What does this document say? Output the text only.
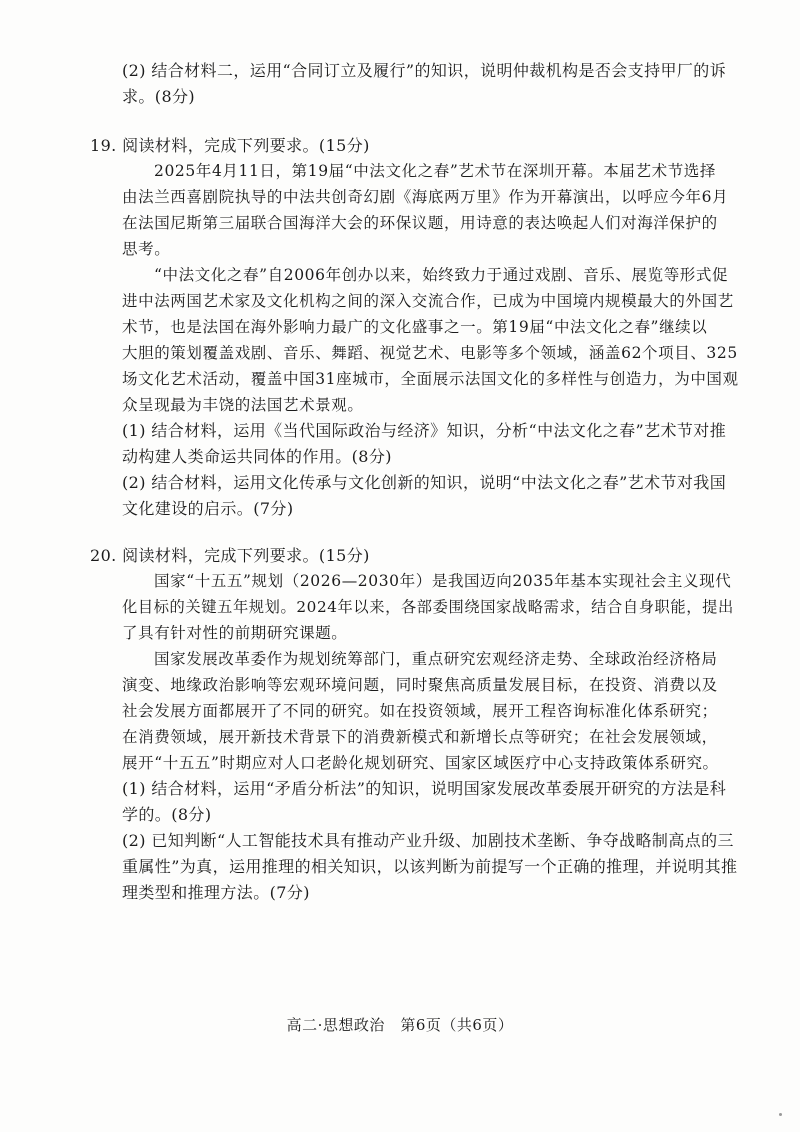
(2) 结合材料二，运用“合同订立及履行”的知识，说明仲裁机构是否会支持甲厂的诉
求。(8分)
19. 阅读材料，完成下列要求。(15分)
2025年4月11日，第19届“中法文化之春”艺术节在深圳开幕。本届艺术节选择
由法兰西喜剧院执导的中法共创奇幻剧《海底两万里》作为开幕演出，以呼应今年6月
在法国尼斯第三届联合国海洋大会的环保议题，用诗意的表达唤起人们对海洋保护的
思考。
“中法文化之春”自2006年创办以来，始终致力于通过戏剧、音乐、展览等形式促
进中法两国艺术家及文化机构之间的深入交流合作，已成为中国境内规模最大的外国艺
术节，也是法国在海外影响力最广的文化盛事之一。第19届“中法文化之春”继续以
大胆的策划覆盖戏剧、音乐、舞蹈、视觉艺术、电影等多个领域，涵盖62个项目、325
场文化艺术活动，覆盖中国31座城市，全面展示法国文化的多样性与创造力，为中国观
众呈现最为丰饶的法国艺术景观。
(1) 结合材料，运用《当代国际政治与经济》知识，分析“中法文化之春”艺术节对推
动构建人类命运共同体的作用。(8分)
(2) 结合材料，运用文化传承与文化创新的知识，说明“中法文化之春”艺术节对我国
文化建设的启示。(7分)
20. 阅读材料，完成下列要求。(15分)
国家“十五五”规划（2026—2030年）是我国迈向2035年基本实现社会主义现代
化目标的关键五年规划。2024年以来，各部委围绕国家战略需求，结合自身职能，提出
了具有针对性的前期研究课题。
国家发展改革委作为规划统筹部门，重点研究宏观经济走势、全球政治经济格局
演变、地缘政治影响等宏观环境问题，同时聚焦高质量发展目标，在投资、消费以及
社会发展方面都展开了不同的研究。如在投资领域，展开工程咨询标准化体系研究；
在消费领域，展开新技术背景下的消费新模式和新增长点等研究；在社会发展领域，
展开“十五五”时期应对人口老龄化规划研究、国家区域医疗中心支持政策体系研究。
(1) 结合材料，运用“矛盾分析法”的知识，说明国家发展改革委展开研究的方法是科
学的。(8分)
(2) 已知判断“人工智能技术具有推动产业升级、加剧技术垄断、争夺战略制高点的三
重属性”为真，运用推理的相关知识，以该判断为前提写一个正确的推理，并说明其推
理类型和推理方法。(7分)
高二·思想政治　第6页（共6页）
